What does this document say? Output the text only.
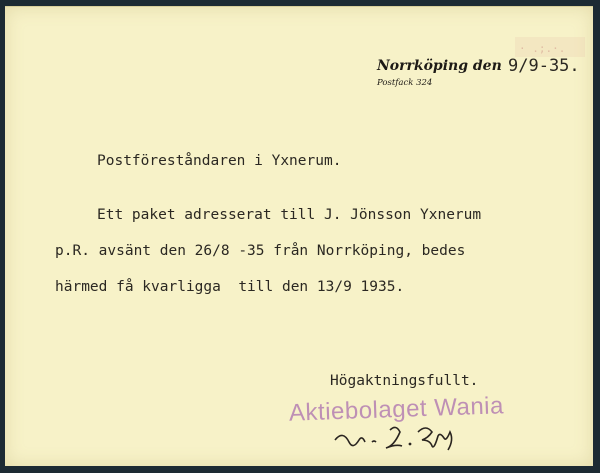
· .;.·.
Norrköping den
Postfack 324
9/9-35.
Postföreståndaren i Yxnerum.
Ett paket adresserat till J. Jönsson Yxnerum
p.R. avsänt den 26/8 -35 från Norrköping, bedes
härmed få kvarligga  till den 13/9 1935.
Högaktningsfullt.
Aktiebolaget Wania
